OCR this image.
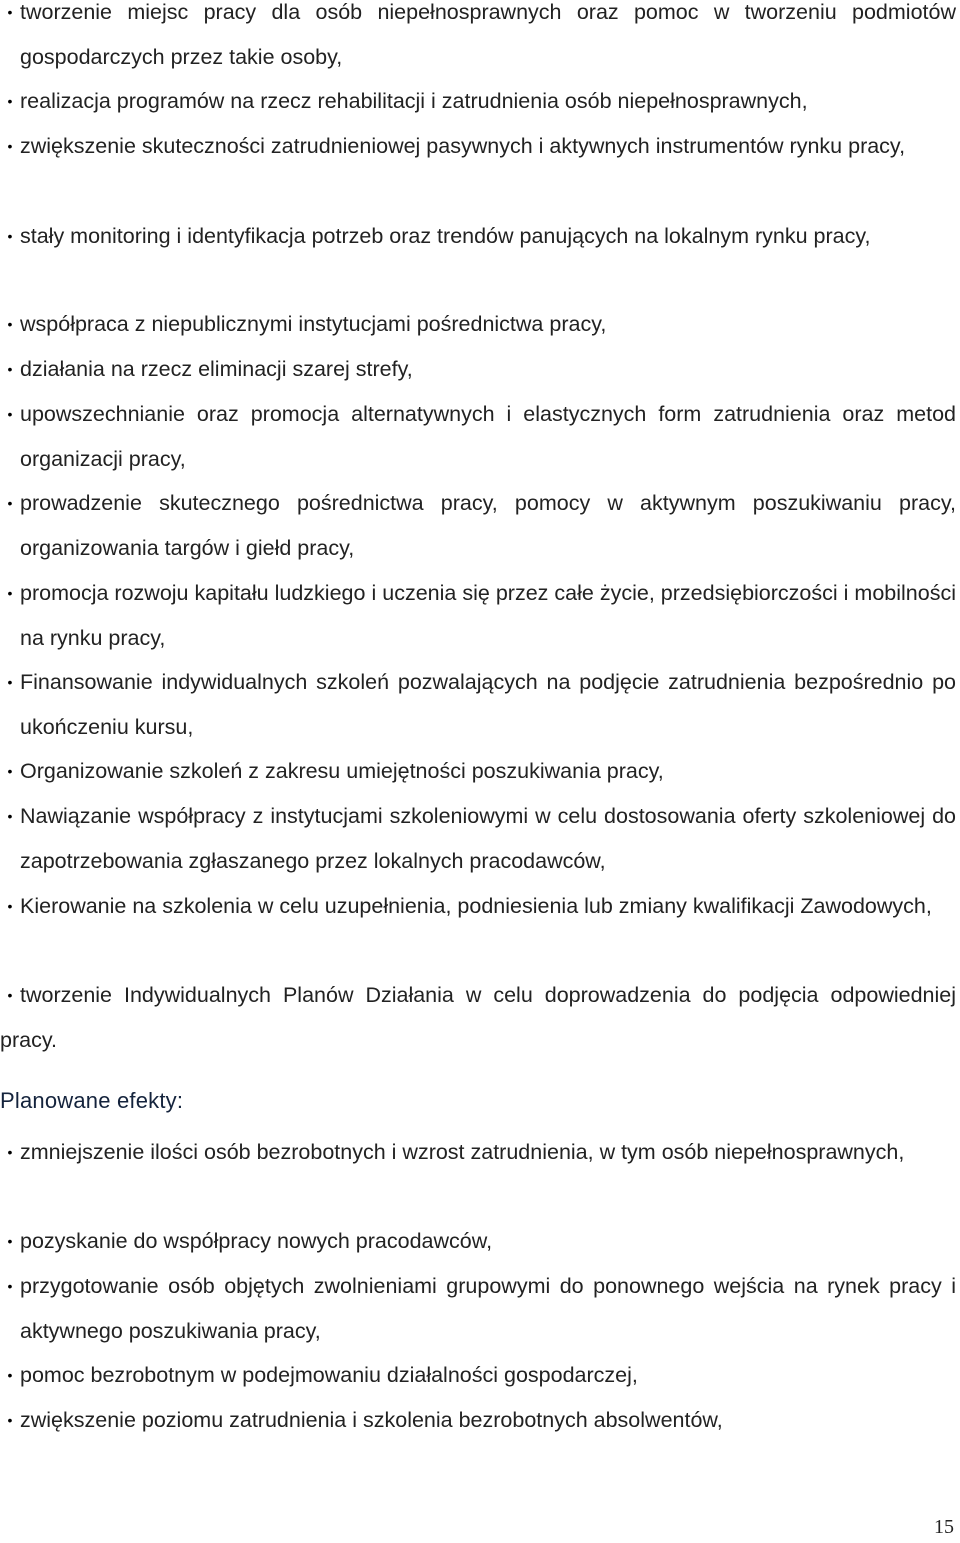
• tworzenie miejsc pracy dla osób niepełnosprawnych oraz pomoc w tworzeniu podmiotów gospodarczych przez takie osoby,
• realizacja programów na rzecz rehabilitacji i zatrudnienia osób niepełnosprawnych,
• zwiększenie skuteczności zatrudnieniowej pasywnych i aktywnych instrumentów rynku pracy,
• stały monitoring i identyfikacja potrzeb oraz trendów panujących na lokalnym rynku pracy,
• współpraca z niepublicznymi instytucjami pośrednictwa pracy,
• działania na rzecz eliminacji szarej strefy,
• upowszechnianie oraz promocja alternatywnych i elastycznych form zatrudnienia oraz metod organizacji pracy,
• prowadzenie skutecznego pośrednictwa pracy, pomocy w aktywnym poszukiwaniu pracy, organizowania targów i giełd pracy,
• promocja rozwoju kapitału ludzkiego i uczenia się przez całe życie, przedsiębiorczości i mobilności na rynku pracy,
• Finansowanie indywidualnych szkoleń pozwalających na podjęcie zatrudnienia bezpośrednio po ukończeniu kursu,
• Organizowanie szkoleń z zakresu umiejętności poszukiwania pracy,
• Nawiązanie współpracy z instytucjami szkoleniowymi w celu dostosowania oferty szkoleniowej do zapotrzebowania zgłaszanego przez lokalnych pracodawców,
• Kierowanie na szkolenia w celu uzupełnienia, podniesienia lub zmiany kwalifikacji Zawodowych,
• tworzenie Indywidualnych Planów Działania w celu doprowadzenia do podjęcia odpowiedniej pracy.
Planowane efekty:
• zmniejszenie ilości osób bezrobotnych i wzrost zatrudnienia, w tym osób niepełnosprawnych,
• pozyskanie do współpracy nowych pracodawców,
• przygotowanie osób objętych zwolnieniami grupowymi do ponownego wejścia na rynek pracy i aktywnego poszukiwania pracy,
• pomoc bezrobotnym w podejmowaniu działalności gospodarczej,
• zwiększenie poziomu zatrudnienia i szkolenia bezrobotnych absolwentów,
15
